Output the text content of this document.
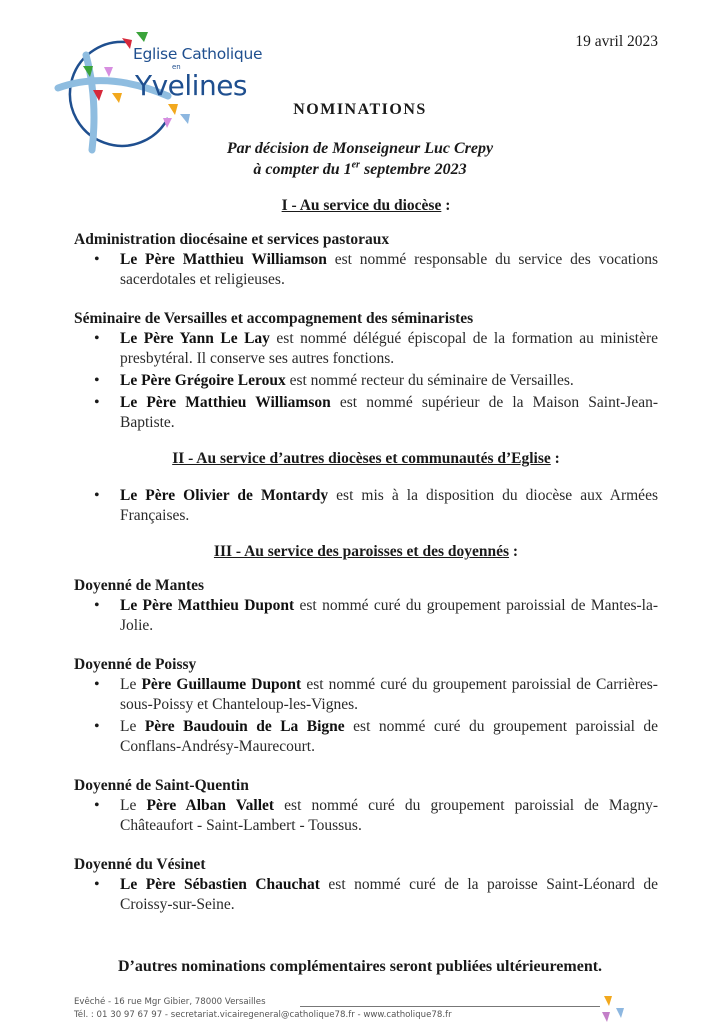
Eglise Catholique
en
Yvelines
19 avril 2023
NOMINATIONS
Par décision de Monseigneur Luc Crepy
à compter du 1er septembre 2023

I - Au service du diocèse :

Administration diocésaine et services pastoraux

• Le Père Matthieu Williamson est nommé responsable du service des vocations sacerdotales et religieuses.

Séminaire de Versailles et accompagnement des séminaristes

• Le Père Yann Le Lay est nommé délégué épiscopal de la formation au ministère presbytéral. Il conserve ses autres fonctions.
• Le Père Grégoire Leroux est nommé recteur du séminaire de Versailles.
• Le Père Matthieu Williamson est nommé supérieur de la Maison Saint-Jean-Baptiste.

II - Au service d’autres diocèses et communautés d’Eglise :

• Le Père Olivier de Montardy est mis à la disposition du diocèse aux Armées Françaises.

III - Au service des paroisses et des doyennés :

Doyenné de Mantes

• Le Père Matthieu Dupont est nommé curé du groupement paroissial de Mantes-la-Jolie.

Doyenné de Poissy

• Le Père Guillaume Dupont est nommé curé du groupement paroissial de Carrières-sous-Poissy et Chanteloup-les-Vignes.
• Le Père Baudouin de La Bigne est nommé curé du groupement paroissial de Conflans-Andrésy-Maurecourt.

Doyenné de Saint-Quentin

• Le Père Alban Vallet est nommé curé du groupement paroissial de Magny-Châteaufort - Saint-Lambert - Toussus.

Doyenné du Vésinet

• Le Père Sébastien Chauchat est nommé curé de la paroisse Saint-Léonard de Croissy-sur-Seine.
D’autres nominations complémentaires seront publiées ultérieurement.
Evêché - 16 rue Mgr Gibier, 78000 Versailles
Tél. : 01 30 97 67 97 - secretariat.vicairegeneral@catholique78.fr - www.catholique78.fr
